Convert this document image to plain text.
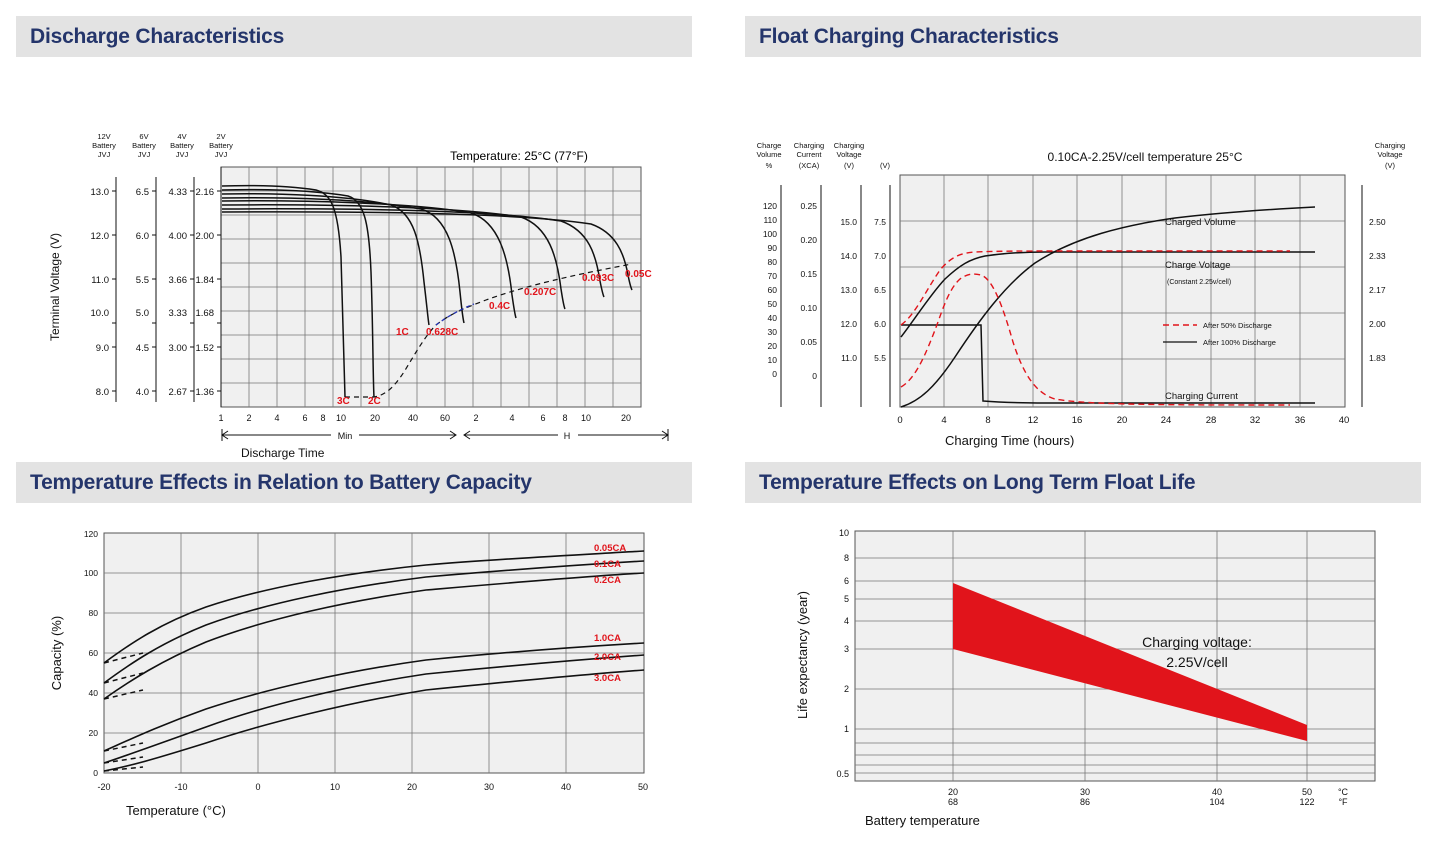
Discharge Characteristics
3C 2C
1C 0.628C
0.4C
0.207C
0.093C 0.05C
Temperature: 25°C (77°F)
12V
Battery
JVJ
6V
Battery
JVJ
4V
Battery
JVJ
2V
Battery
JVJ
13.0
12.0
11.0
10.0
9.0
8.0
6.5
6.0
5.5
5.0
4.5
4.0
4.33
4.00
3.66
3.33
3.00
2.67
2.16
2.00
1.84
1.68
1.52
1.36
1	2	4	6 8 10	20	40 60	2	4	6 8 10	20
Min	H
Discharge Time
Terminal Voltage (V)
Float Charging Characteristics
Charge
Volume
%
Charging
Current
(XCA)
Charging
Voltage
(V)	(V)
Charging
Voltage
(V)
0.10CA-2.25V/cell temperature 25°C
120
110
100
90
80
70
60
50
40
30
20
10
0
0.25
0.20
0.15
0.10
0.05
0
15.0
14.0
13.0
12.0
11.0
7.5
7.0
6.5
6.0
5.5
2.50
2.33
2.17
2.00
1.83
Charged Volume
Charge Voltage
(Constant 2.25v/cell)
Charging Current
After 50% Discharge
After 100% Discharge
0	4	8	12	16	20	24	28	32	36	40
Charging Time (hours)
Temperature Effects in Relation to Battery Capacity
0.05CA
0.1CA
0.2CA
1.0CA
2.0CA
3.0CA
0
20
40
60
80
100
120
-20	-10	0	10	20	30	40	50
Temperature (°C)
Capacity (%)
Temperature Effects on Long Term Float Life
Charging voltage:
2.25V/cell
10
8
6
5
4
3
2
1
0.5
20
68
30
86
40
104
50
122
°C
°F
Battery temperature
Life expectancy (year)
